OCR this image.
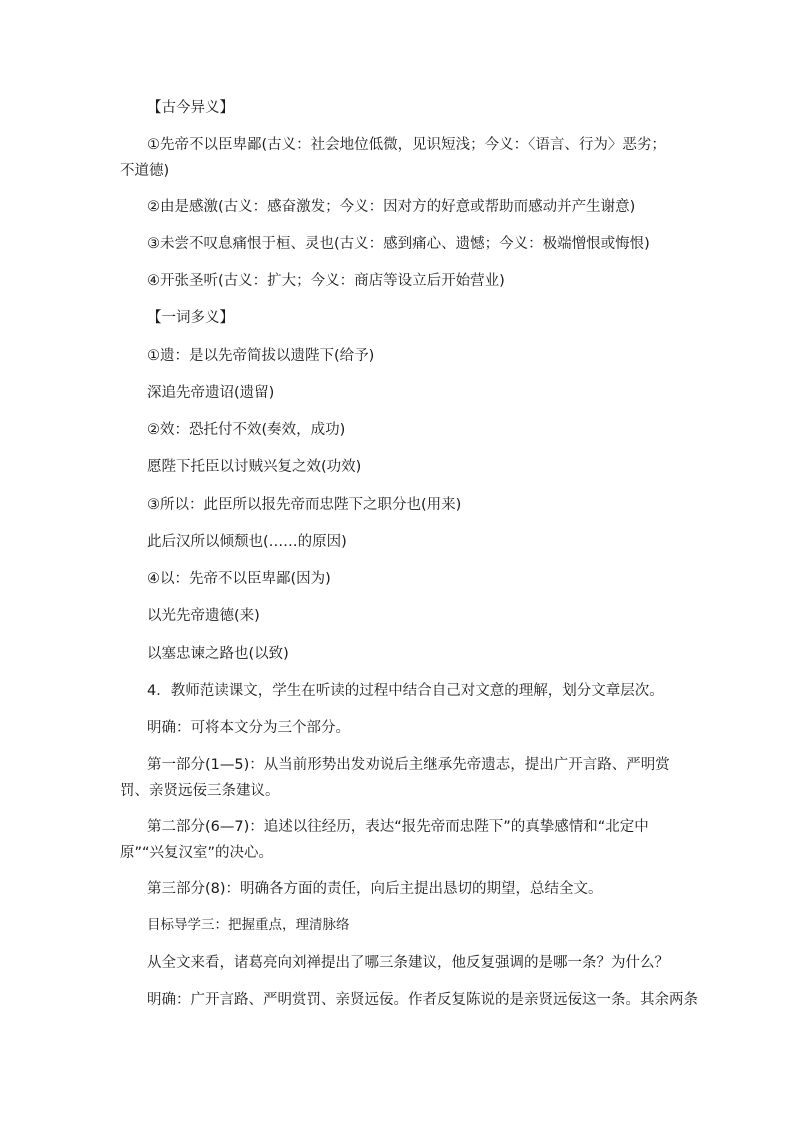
【古今异义】

①先帝不以臣卑鄙(古义：社会地位低微，见识短浅；今义：〈语言、行为〉恶劣；不道德)

②由是感激(古义：感奋激发；今义：因对方的好意或帮助而感动并产生谢意)

③未尝不叹息痛恨于桓、灵也(古义：感到痛心、遗憾；今义：极端憎恨或悔恨)

④开张圣听(古义：扩大；今义：商店等设立后开始营业)

【一词多义】

①遗：是以先帝简拔以遗陛下(给予)

深追先帝遗诏(遗留)

②效：恐托付不效(奏效，成功)

愿陛下托臣以讨贼兴复之效(功效)

③所以：此臣所以报先帝而忠陛下之职分也(用来)

此后汉所以倾颓也(……的原因)

④以：先帝不以臣卑鄙(因为)

以光先帝遗德(来)

以塞忠谏之路也(以致)

4．教师范读课文，学生在听读的过程中结合自己对文意的理解，划分文章层次。

明确：可将本文分为三个部分。

第一部分(1—5)：从当前形势出发劝说后主继承先帝遗志，提出广开言路、严明赏罚、亲贤远佞三条建议。

第二部分(6—7)：追述以往经历，表达“报先帝而忠陛下”的真挚感情和“北定中原”“兴复汉室”的决心。

第三部分(8)：明确各方面的责任，向后主提出恳切的期望，总结全文。

目标导学三：把握重点，理清脉络

从全文来看，诸葛亮向刘禅提出了哪三条建议，他反复强调的是哪一条？为什么？

明确：广开言路、严明赏罚、亲贤远佞。作者反复陈说的是亲贤远佞这一条。其余两条
